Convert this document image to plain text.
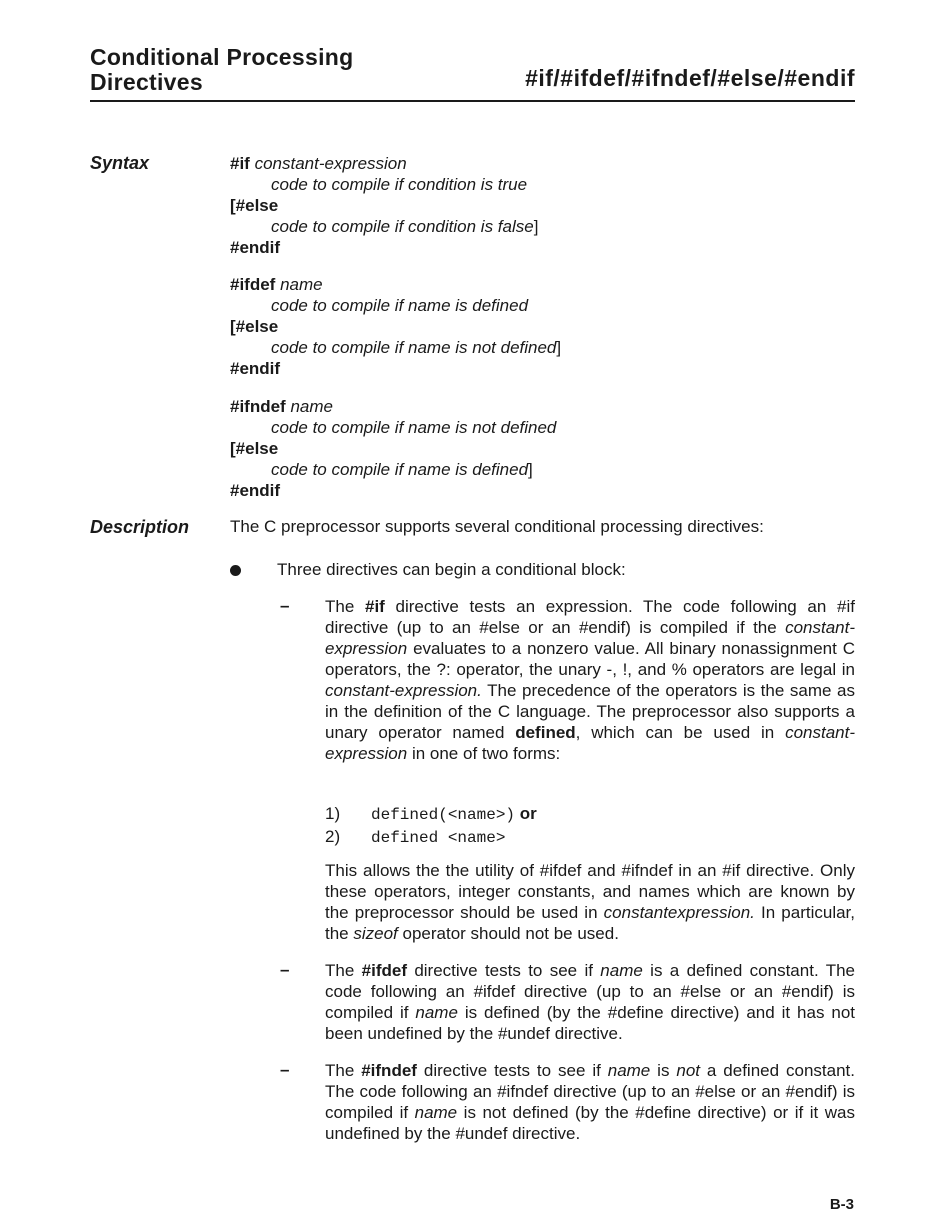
Conditional Processing
Directives	#if/#ifdef/#ifndef/#else/#endif
Syntax	#if constant-expression
code to compile if condition is true
[#else
code to compile if condition is false]
#endif
#ifdef name
code to compile if name is defined
[#else
code to compile if name is not defined]
#endif
#ifndef name
code to compile if name is not defined
[#else
code to compile if name is defined]
#endif
Description The C preprocessor supports several conditional processing directives:
Three directives can begin a conditional block:
– The #if directive tests an expression. The code following an #if directive (up to an #else or an #endif) is compiled if the constant-expression evaluates to a nonzero value. All binary nonassignment C operators, the ?: operator, the unary -, !, and % operators are legal in constant-expression. The precedence of the operators is the same as in the definition of the C language. The preprocessor also supports a unary operator named defined, which can be used in constant-expression in one of two forms:
1) defined(<name>) or
2) defined <name>
This allows the the utility of #ifdef and #ifndef in an #if directive. Only these operators, integer constants, and names which are known by the preprocessor should be used in constantexpression. In particular, the sizeof operator should not be used.
– The #ifdef directive tests to see if name is a defined constant. The code following an #ifdef directive (up to an #else or an #endif) is compiled if name is defined (by the #define directive) and it has not been undefined by the #undef directive.
– The #ifndef directive tests to see if name is not a defined constant. The code following an #ifndef directive (up to an #else or an #endif) is compiled if name is not defined (by the #define directive) or if it was undefined by the #undef directive.
B-3
